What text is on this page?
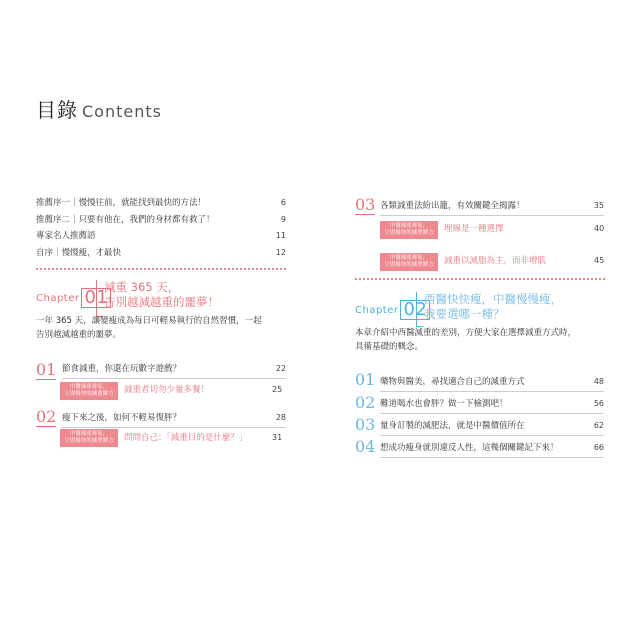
目錄 Contents
推薦序一｜慢慢往前，就能找到最快的方法！	6
推薦序二｜只要有他在，我們的身材都有救了！	9
專家名人推薦語	11
自序｜慢慢瘦，才最快	12
Chapter 01
減重 365 天，
告別越減越重的噩夢！
一年 365 天，讓變瘦成為每日可輕易執行的自然習慣，一起
告別越減越重的噩夢。
01 節食減重，你還在玩數字遊戲？	22
中醫減重專家，
立即幫你的減重解方	減重者切勿少量多餐！	25
02 瘦下來之後，如何不輕易復胖？	28
中醫減重專家，
立即幫你的減重解方	問問自己：「減重目的是什麼？」	31
03 各類減重法紛出籠，有效關鍵全揭露！	35
中醫減重專家，
立即幫你的減重解方	埋線是一種選擇	40
中醫減重專家，
立即幫你的減重解方	減重以減脂為主，而非增肌	45
Chapter 02
西醫快快瘦，中醫慢慢瘦，
我要選哪一種？
本章介紹中西醫減重的差別，方便大家在選擇減重方式時，
具備基礎的概念。
01 藥物與醫美，尋找適合自己的減重方式	48
02 難道喝水也會胖？做一下檢測吧！	56
03 量身訂製的減肥法，就是中醫價值所在	62
04 想成功瘦身就別違反人性，這幾個關鍵記下來！	66
